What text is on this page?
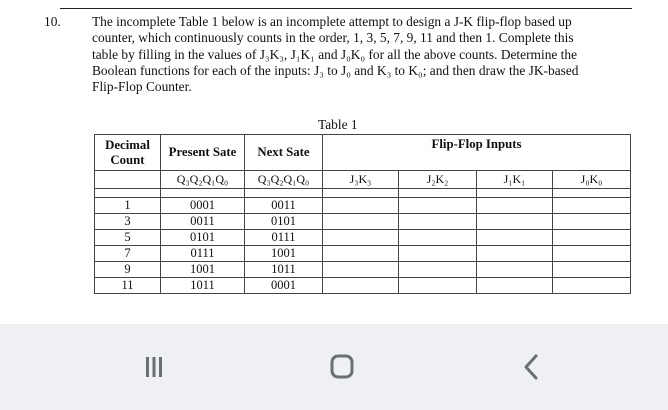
10. The incomplete Table 1 below is an incomplete attempt to design a J-K flip-flop based up
counter, which continuously counts in the order, 1, 3, 5, 7, 9, 11 and then 1. Complete this
table by filling in the values of J₃K₃, J₁K₁ and J₀K₀ for all the above counts. Determine the
Boolean functions for each of the inputs: J₃ to J₀ and K₃ to K₀; and then draw the JK-based
Flip-Flop Counter.
Table 1
Decimal Count	Present Sate	Next Sate	Flip-Flop Inputs			
	Q₃Q₂Q₁Q₀	Q₃Q₂Q₁Q₀	J₃K₃	J₂K₂	J₁K₁	J₀K₀

1	0001	0011				
3	0011	0101				
5	0101	0111				
7	0111	1001				
9	1001	1011				
11	1011	0001				
